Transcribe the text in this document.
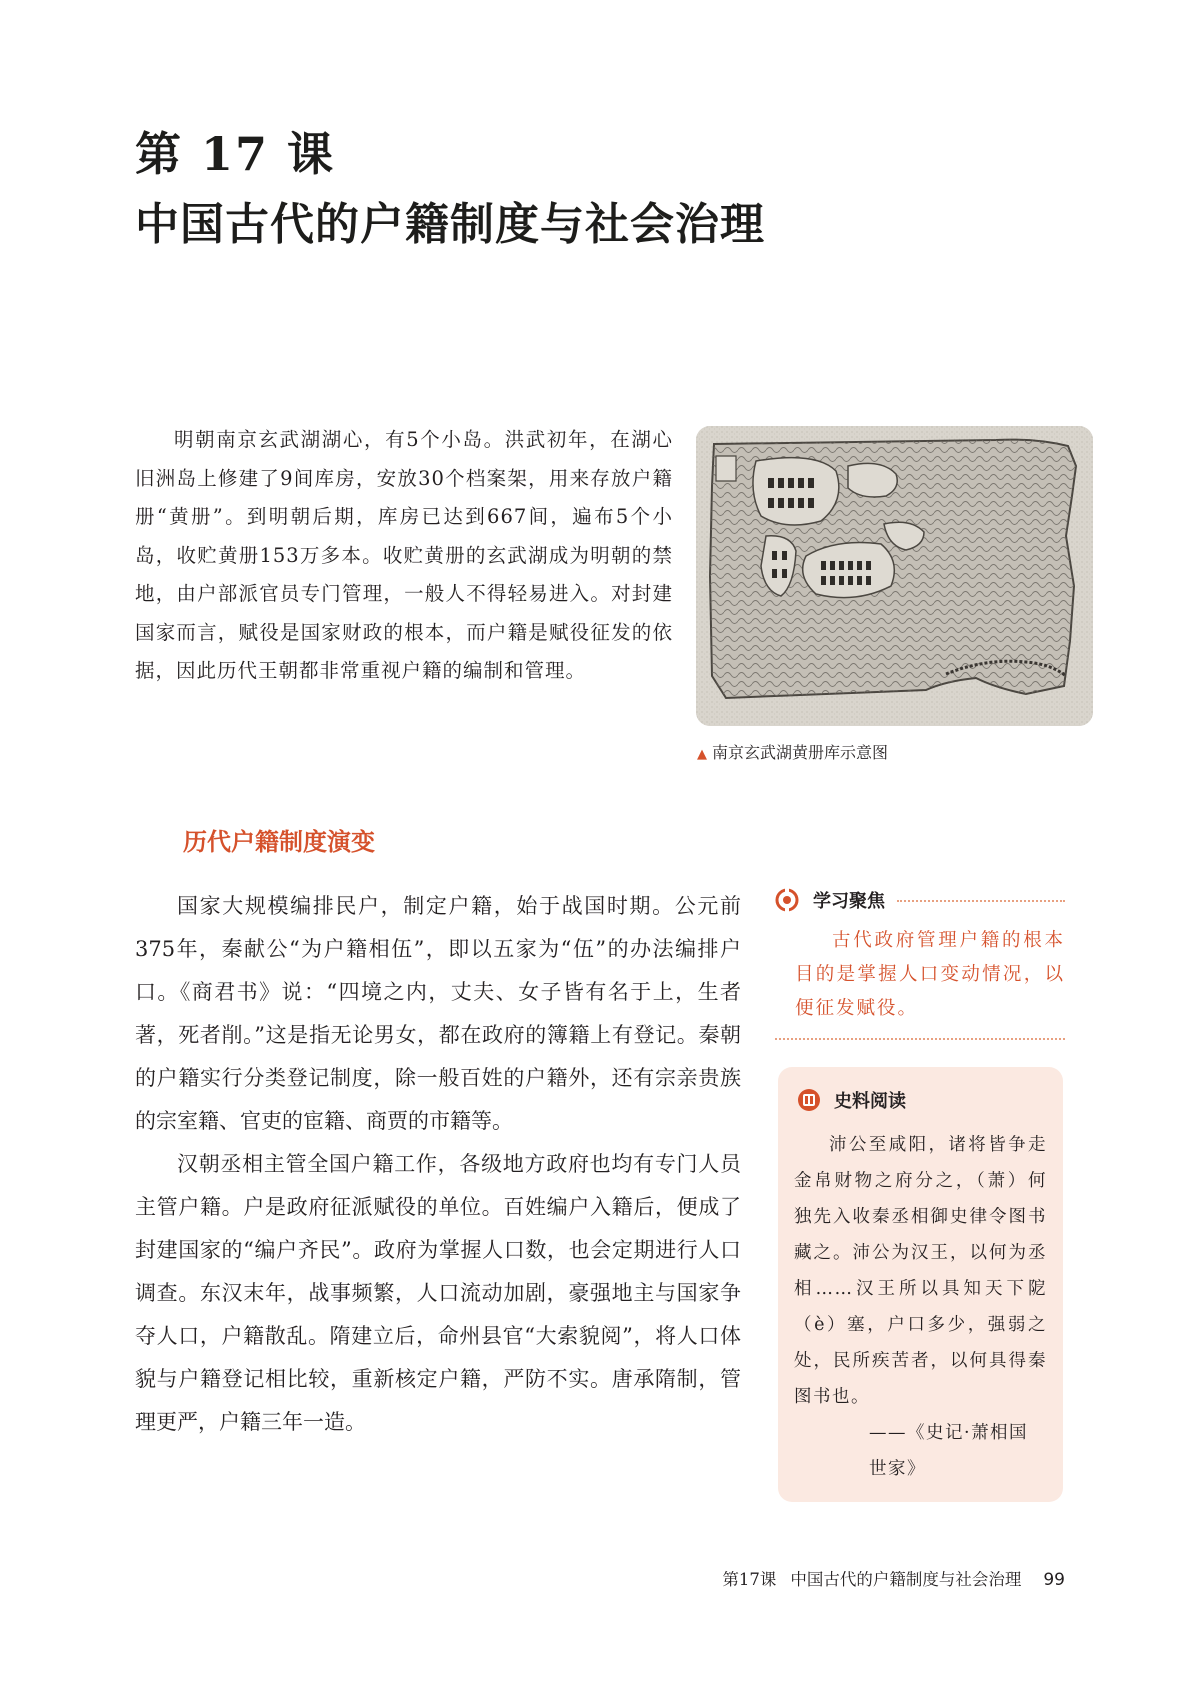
第 17 课
中国古代的户籍制度与社会治理

明朝南京玄武湖湖心，有5个小岛。洪武初年，在湖心旧洲岛上修建了9间库房，安放30个档案架，用来存放户籍册“黄册”。到明朝后期，库房已达到667间，遍布5个小岛，收贮黄册153万多本。收贮黄册的玄武湖成为明朝的禁地，由户部派官员专门管理，一般人不得轻易进入。对封建国家而言，赋役是国家财政的根本，而户籍是赋役征发的依据，因此历代王朝都非常重视户籍的编制和管理。

▲ 南京玄武湖黄册库示意图
历代户籍制度演变

国家大规模编排民户，制定户籍，始于战国时期。公元前375年，秦献公“为户籍相伍”，即以五家为“伍”的办法编排户口。《商君书》说：“四境之内，丈夫、女子皆有名于上，生者著，死者削。”这是指无论男女，都在政府的簿籍上有登记。秦朝的户籍实行分类登记制度，除一般百姓的户籍外，还有宗亲贵族的宗室籍、官吏的宦籍、商贾的市籍等。

汉朝丞相主管全国户籍工作，各级地方政府也均有专门人员主管户籍。户是政府征派赋役的单位。百姓编户入籍后，便成了封建国家的“编户齐民”。政府为掌握人口数，也会定期进行人口调查。东汉末年，战事频繁，人口流动加剧，豪强地主与国家争夺人口，户籍散乱。隋建立后，命州县官“大索貌阅”，将人口体貌与户籍登记相比较，重新核定户籍，严防不实。唐承隋制，管理更严，户籍三年一造。

学习聚焦

古代政府管理户籍的根本目的是掌握人口变动情况，以便征发赋役。

史料阅读

沛公至咸阳，诸将皆争走金帛财物之府分之，（萧）何独先入收秦丞相御史律令图书藏之。沛公为汉王，以何为丞相……汉王所以具知天下阸（è）塞，户口多少，强弱之处，民所疾苦者，以何具得秦图书也。

——《史记·萧相国世家》

第17课 中国古代的户籍制度与社会治理 99
